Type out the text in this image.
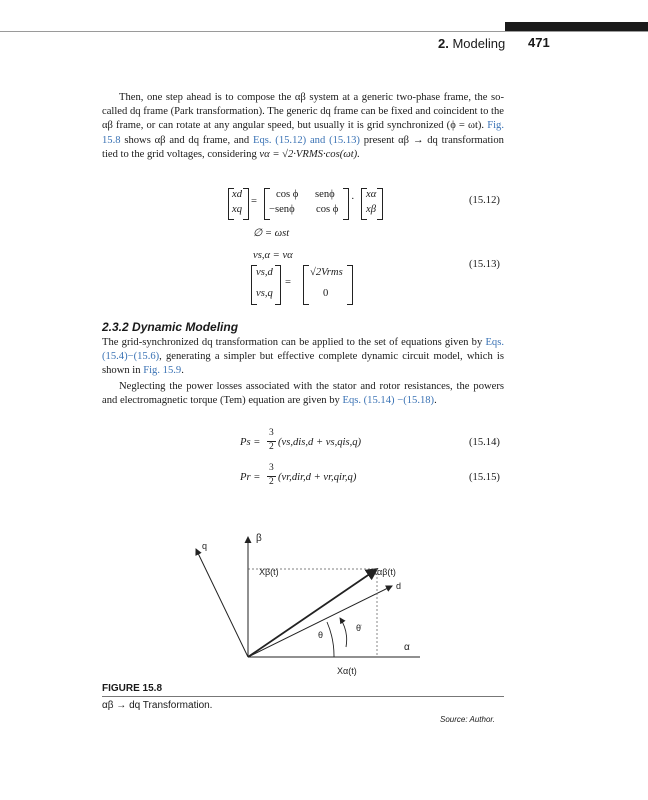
2. Modeling 471
Then, one step ahead is to compose the αβ system at a generic two-phase frame, the so-called dq frame (Park transformation). The generic dq frame can be fixed and coincident to the αβ frame, or can rotate at any angular speed, but usually it is grid synchronized (ϕ = ωt). Fig. 15.8 shows αβ and dq frame, and Eqs. (15.12) and (15.13) present αβ → dq transformation tied to the grid voltages, considering vα = √2·VRMS·cos(ωt).
xd
xq
=
cos ϕ senϕ
−senϕ cos ϕ
· xα
xβ
∅ = ωst
(15.12)
vs,α = vα
vs,d
vs,q
=
√2Vrms
0
(15.13)
2.3.2 Dynamic Modeling
The grid-synchronized dq transformation can be applied to the set of equations given by Eqs. (15.4)−(15.6), generating a simpler but effective complete dynamic circuit model, which is shown in Fig. 15.9.
Neglecting the power losses associated with the stator and rotor resistances, the powers and electromagnetic torque (Tem) equation are given by Eqs. (15.14) −(15.18).
Ps =
3
2 (vs,dis,d + vs,qis,q)	(15.14)
Pr =
3
2 (vr,dir,d + vr,qir,q)	(15.15)
q
β
d
α
Xβ(t)	Xαβ(t)
Xα(t)
θ
θ̇
FIGURE 15.8
αβ → dq Transformation.
Source: Author.
